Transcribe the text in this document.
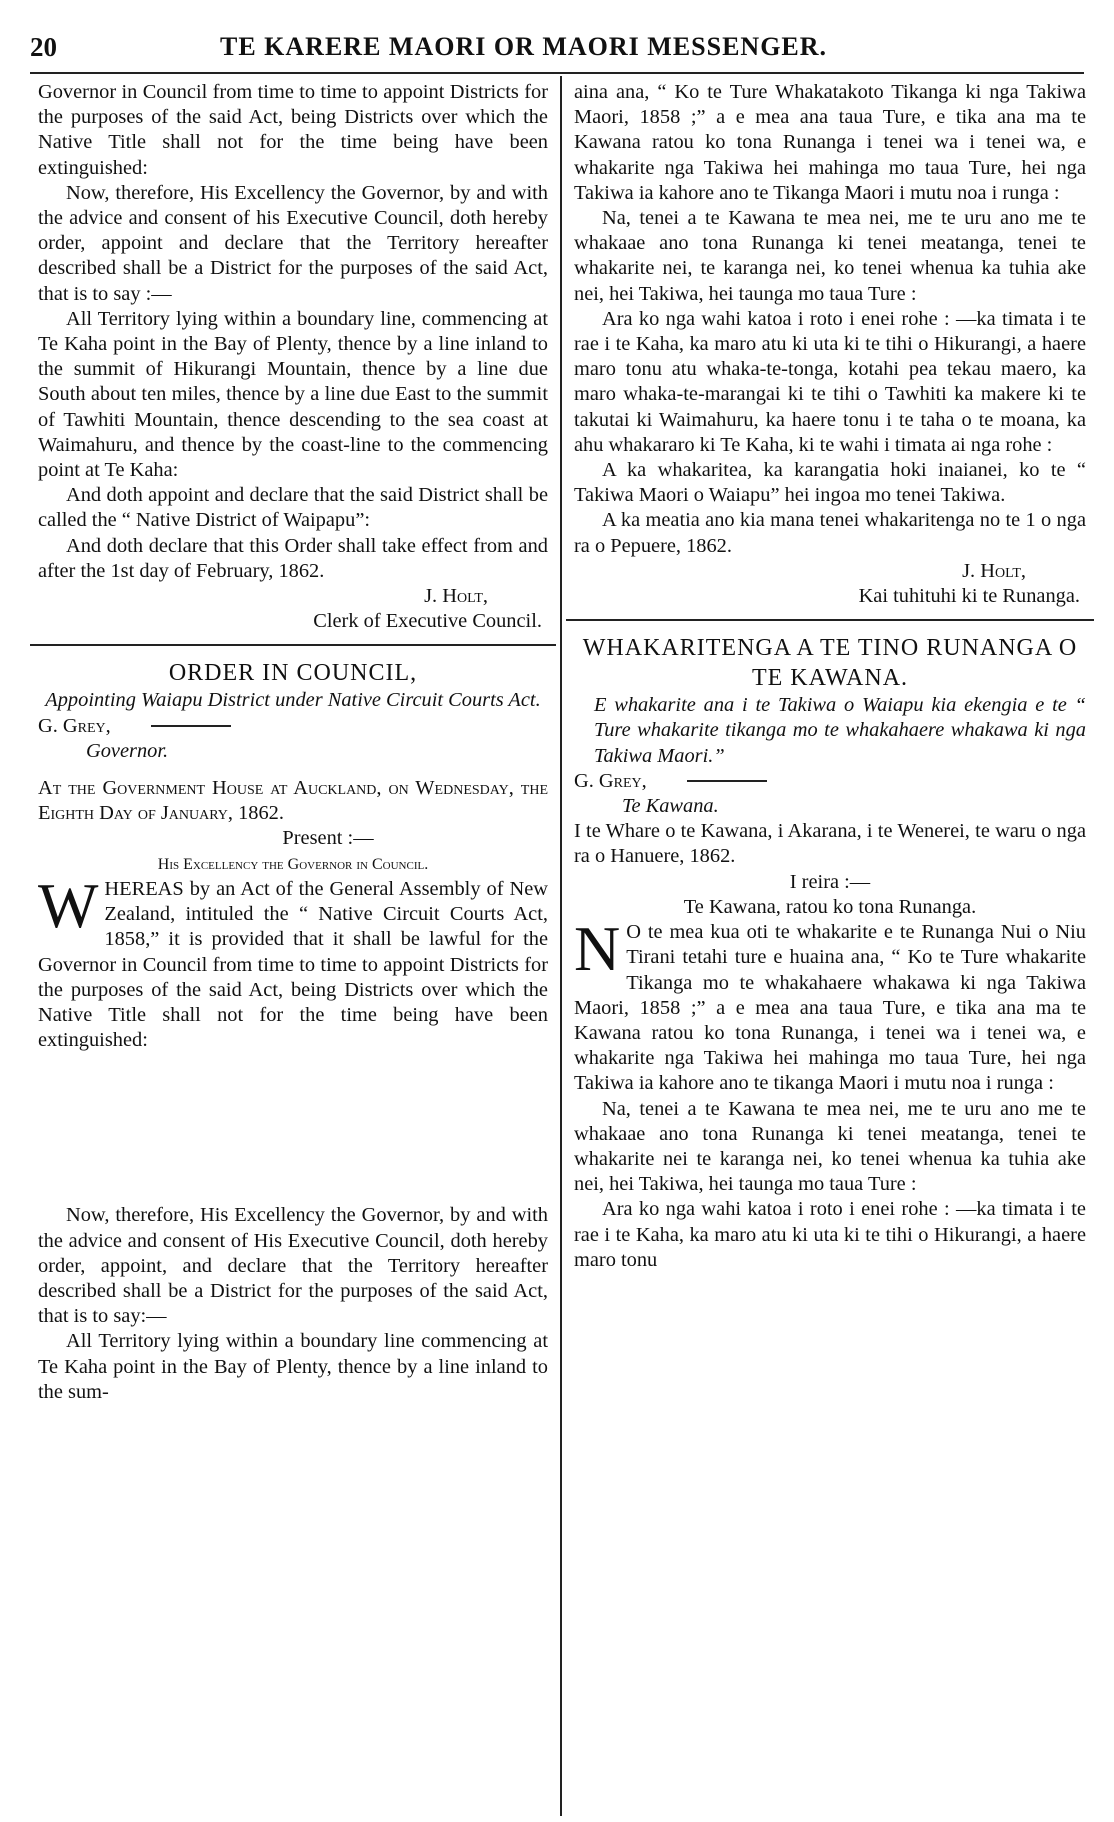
20	TE KARERE MAORI OR MAORI MESSENGER.

Governor in Council from time to time to appoint Districts for the purposes of the said Act, being Districts over which the Native Title shall not for the time being have been extinguished:

Now, therefore, His Excellency the Governor, by and with the advice and consent of his Executive Council, doth hereby order, appoint and declare that the Territory hereafter described shall be a District for the purposes of the said Act, that is to say :—

All Territory lying within a boundary line, commencing at Te Kaha point in the Bay of Plenty, thence by a line inland to the summit of Hikurangi Mountain, thence by a line due South about ten miles, thence by a line due East to the summit of Tawhiti Mountain, thence descending to the sea coast at Waimahuru, and thence by the coast-line to the commencing point at Te Kaha:

And doth appoint and declare that the said District shall be called the “ Native District of Waipapu”:

And doth declare that this Order shall take effect from and after the 1st day of February, 1862.

J. Holt,

Clerk of Executive Council.

ORDER IN COUNCIL,

Appointing Waiapu District under Native Circuit Courts Act.

G. Grey,

Governor.

At the Government House at Auckland, on Wednesday, the Eighth Day of January, 1862.

Present :—

His Excellency the Governor in Council.

WHEREAS by an Act of the General Assembly of New Zealand, intituled the “ Native Circuit Courts Act, 1858,” it is provided that it shall be lawful for the Governor in Council from time to time to appoint Districts for the purposes of the said Act, being Districts over which the Native Title shall not for the time being have been extinguished:

Now, therefore, His Excellency the Governor, by and with the advice and consent of His Executive Council, doth hereby order, appoint, and declare that the Territory hereafter described shall be a District for the purposes of the said Act, that is to say:—

All Territory lying within a boundary line commencing at Te Kaha point in the Bay of Plenty, thence by a line inland to the sum-

aina ana, “ Ko te Ture Whakatakoto Tikanga ki nga Takiwa Maori, 1858 ;” a e mea ana taua Ture, e tika ana ma te Kawana ratou ko tona Runanga i tenei wa i tenei wa, e whakarite nga Takiwa hei mahinga mo taua Ture, hei nga Takiwa ia kahore ano te Tikanga Maori i mutu noa i runga :

Na, tenei a te Kawana te mea nei, me te uru ano me te whakaae ano tona Runanga ki tenei meatanga, tenei te whakarite nei, te karanga nei, ko tenei whenua ka tuhia ake nei, hei Takiwa, hei taunga mo taua Ture :

Ara ko nga wahi katoa i roto i enei rohe : —ka timata i te rae i te Kaha, ka maro atu ki uta ki te tihi o Hikurangi, a haere maro tonu atu whaka-te-tonga, kotahi pea tekau maero, ka maro whaka-te-marangai ki te tihi o Tawhiti ka makere ki te takutai ki Waimahuru, ka haere tonu i te taha o te moana, ka ahu whakararo ki Te Kaha, ki te wahi i timata ai nga rohe :

A ka whakaritea, ka karangatia hoki inaianei, ko te “ Takiwa Maori o Waiapu” hei ingoa mo tenei Takiwa.

A ka meatia ano kia mana tenei whakaritenga no te 1 o nga ra o Pepuere, 1862.

J. Holt,

Kai tuhituhi ki te Runanga.

WHAKARITENGA A TE TINO RUNANGA O TE KAWANA.

E whakarite ana i te Takiwa o Waiapu kia ekengia e te “ Ture whakarite tikanga mo te whakahaere whakawa ki nga Takiwa Maori.”

G. Grey,

Te Kawana.

I te Whare o te Kawana, i Akarana, i te Wenerei, te waru o nga ra o Hanuere, 1862.

I reira :—

Te Kawana, ratou ko tona Runanga.

N O te mea kua oti te whakarite e te Runanga Nui o Niu Tirani tetahi ture e huaina ana, “ Ko te Ture whakarite Tikanga mo te whakahaere whakawa ki nga Takiwa Maori, 1858 ;” a e mea ana taua Ture, e tika ana ma te Kawana ratou ko tona Runanga, i tenei wa i tenei wa, e whakarite nga Takiwa hei mahinga mo taua Ture, hei nga Takiwa ia kahore ano te tikanga Maori i mutu noa i runga :

Na, tenei a te Kawana te mea nei, me te uru ano me te whakaae ano tona Runanga ki tenei meatanga, tenei te whakarite nei te karanga nei, ko tenei whenua ka tuhia ake nei, hei Takiwa, hei taunga mo taua Ture :

Ara ko nga wahi katoa i roto i enei rohe : —ka timata i te rae i te Kaha, ka maro atu ki uta ki te tihi o Hikurangi, a haere maro tonu
